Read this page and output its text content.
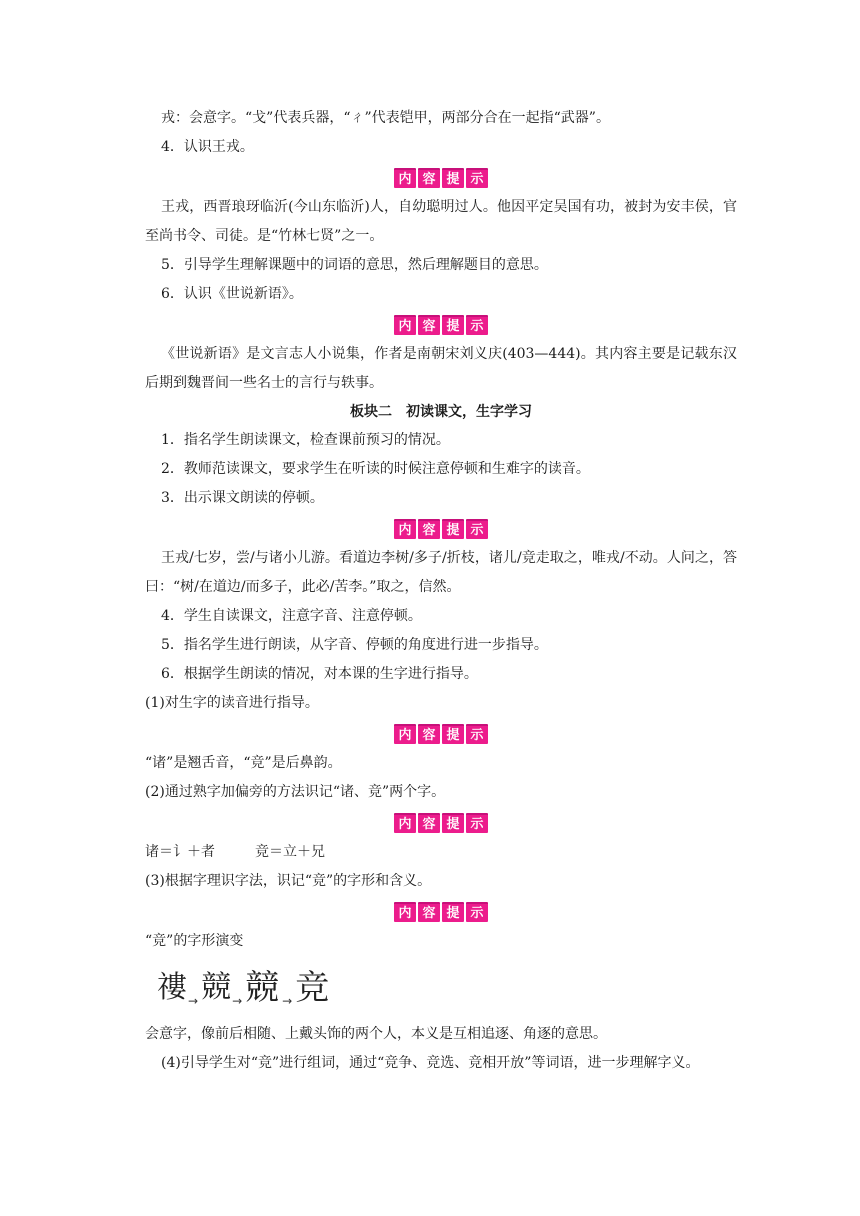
戎：会意字。“戈”代表兵器，“ㄔ”代表铠甲，两部分合在一起指“武器”。

4．认识王戎。

内 容 提 示

王戎，西晋琅玡临沂(今山东临沂)人，自幼聪明过人。他因平定吴国有功，被封为安丰侯，官至尚书令、司徒。是“竹林七贤”之一。

5．引导学生理解课题中的词语的意思，然后理解题目的意思。

6．认识《世说新语》。

内 容 提 示

《世说新语》是文言志人小说集，作者是南朝宋刘义庆(403—444)。其内容主要是记载东汉后期到魏晋间一些名士的言行与轶事。

板块二　初读课文，生字学习

1．指名学生朗读课文，检查课前预习的情况。

2．教师范读课文，要求学生在听读的时候注意停顿和生难字的读音。

3．出示课文朗读的停顿。

内 容 提 示

王戎/七岁，尝/与诸小儿游。看道边李树/多子/折枝，诸儿/竞走取之，唯戎/不动。人问之，答曰：“树/在道边/而多子，此必/苦李。”取之，信然。

4．学生自读课文，注意字音、注意停顿。

5．指名学生进行朗读，从字音、停顿的角度进行进一步指导。

6．根据学生朗读的情况，对本课的生字进行指导。

(1)对生字的读音进行指导。

内 容 提 示

“诸”是翘舌音，“竞”是后鼻韵。

(2)通过熟字加偏旁的方法识记“诸、竞”两个字。

内 容 提 示

诸＝讠＋者	竞＝立＋兄

(3)根据字理识字法，识记“竞”的字形和含义。

内 容 提 示

“竞”的字形演变

䄛 → 競 → 競 → 竞

会意字，像前后相随、上戴头饰的两个人，本义是互相追逐、角逐的意思。

(4)引导学生对“竞”进行组词，通过“竞争、竞选、竞相开放”等词语，进一步理解字义。
